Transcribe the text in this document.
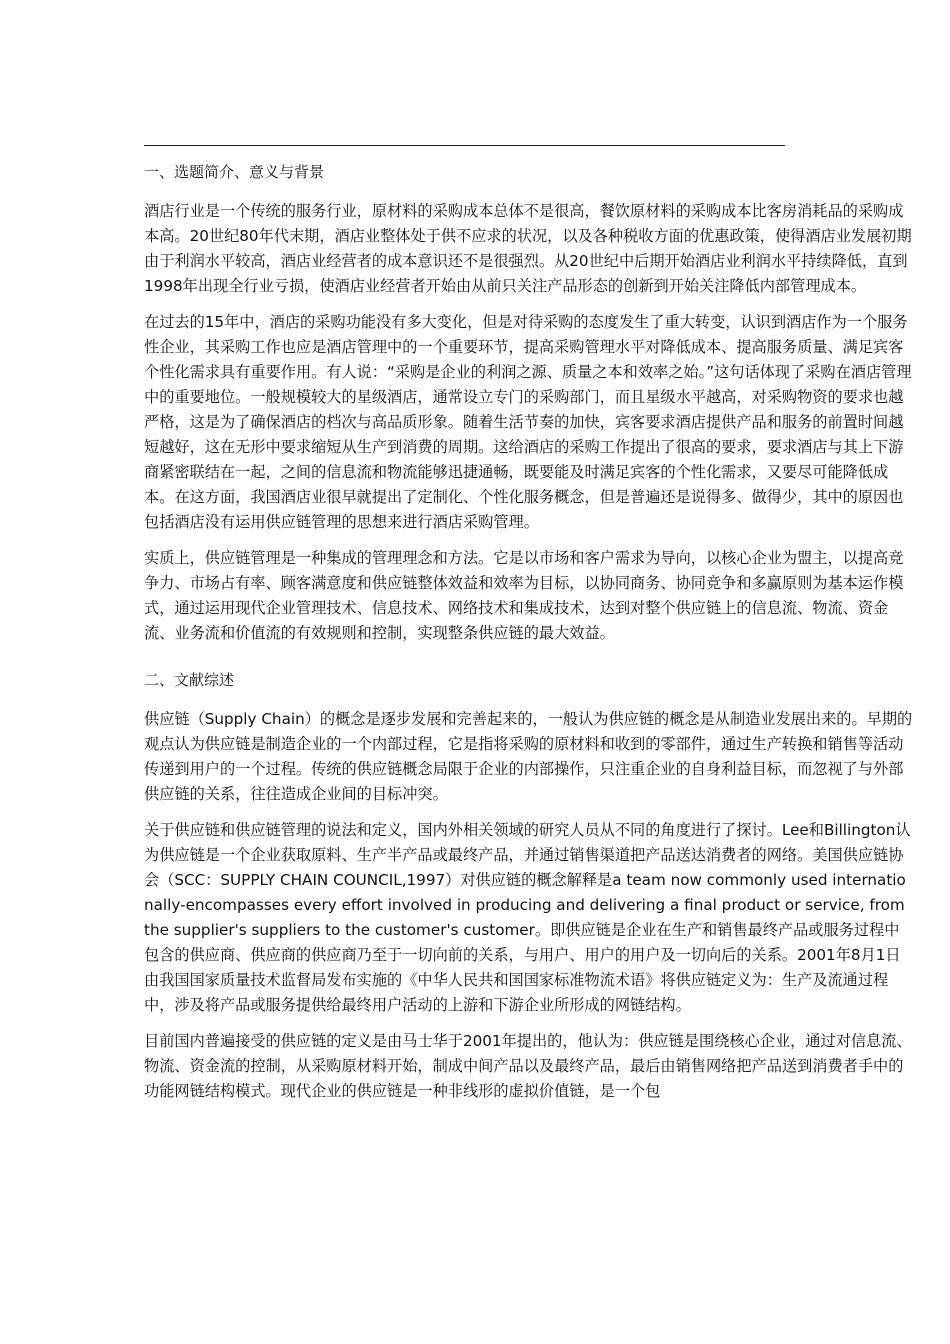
一、选题简介、意义与背景

酒店行业是一个传统的服务行业，原材料的采购成本总体不是很高，餐饮原材料的采购成本比客房消耗品的采购成本高。20世纪80年代末期，酒店业整体处于供不应求的状况，以及各种税收方面的优惠政策，使得酒店业发展初期由于利润水平较高，酒店业经营者的成本意识还不是很强烈。从20世纪中后期开始酒店业利润水平持续降低，直到1998年出现全行业亏损，使酒店业经营者开始由从前只关注产品形态的创新到开始关注降低内部管理成本。

在过去的15年中，酒店的采购功能没有多大变化，但是对待采购的态度发生了重大转变，认识到酒店作为一个服务性企业，其采购工作也应是酒店管理中的一个重要环节，提高采购管理水平对降低成本、提高服务质量、满足宾客个性化需求具有重要作用。有人说：“采购是企业的利润之源、质量之本和效率之始。”这句话体现了采购在酒店管理中的重要地位。一般规模较大的星级酒店，通常设立专门的采购部门，而且星级水平越高，对采购物资的要求也越严格，这是为了确保酒店的档次与高品质形象。随着生活节奏的加快，宾客要求酒店提供产品和服务的前置时间越短越好，这在无形中要求缩短从生产到消费的周期。这给酒店的采购工作提出了很高的要求，要求酒店与其上下游商紧密联结在一起，之间的信息流和物流能够迅捷通畅，既要能及时满足宾客的个性化需求，又要尽可能降低成本。在这方面，我国酒店业很早就提出了定制化、个性化服务概念，但是普遍还是说得多、做得少，其中的原因也包括酒店没有运用供应链管理的思想来进行酒店采购管理。

实质上，供应链管理是一种集成的管理理念和方法。它是以市场和客户需求为导向，以核心企业为盟主，以提高竞争力、市场占有率、顾客满意度和供应链整体效益和效率为目标，以协同商务、协同竞争和多赢原则为基本运作模式，通过运用现代企业管理技术、信息技术、网络技术和集成技术，达到对整个供应链上的信息流、物流、资金流、业务流和价值流的有效规则和控制，实现整条供应链的最大效益。

二、文献综述

供应链（Supply Chain）的概念是逐步发展和完善起来的，一般认为供应链的概念是从制造业发展出来的。早期的观点认为供应链是制造企业的一个内部过程，它是指将采购的原材料和收到的零部件，通过生产转换和销售等活动传递到用户的一个过程。传统的供应链概念局限于企业的内部操作，只注重企业的自身利益目标，而忽视了与外部供应链的关系，往往造成企业间的目标冲突。

关于供应链和供应链管理的说法和定义，国内外相关领域的研究人员从不同的角度进行了探讨。Lee和Billington认为供应链是一个企业获取原料、生产半产品或最终产品，并通过销售渠道把产品送达消费者的网络。美国供应链协会（SCC：SUPPLY CHAIN COUNCIL,1997）对供应链的概念解释是a team now commonly used internationally-encompasses every effort involved in producing and delivering a final product or service, from the supplier's suppliers to the customer's customer。即供应链是企业在生产和销售最终产品或服务过程中包含的供应商、供应商的供应商乃至于一切向前的关系，与用户、用户的用户及一切向后的关系。2001年8月1日由我国国家质量技术监督局发布实施的《中华人民共和国国家标准物流术语》将供应链定义为：生产及流通过程中，涉及将产品或服务提供给最终用户活动的上游和下游企业所形成的网链结构。

目前国内普遍接受的供应链的定义是由马士华于2001年提出的，他认为：供应链是围绕核心企业，通过对信息流、物流、资金流的控制，从采购原材料开始，制成中间产品以及最终产品，最后由销售网络把产品送到消费者手中的功能网链结构模式。现代企业的供应链是一种非线形的虚拟价值链，是一个包
